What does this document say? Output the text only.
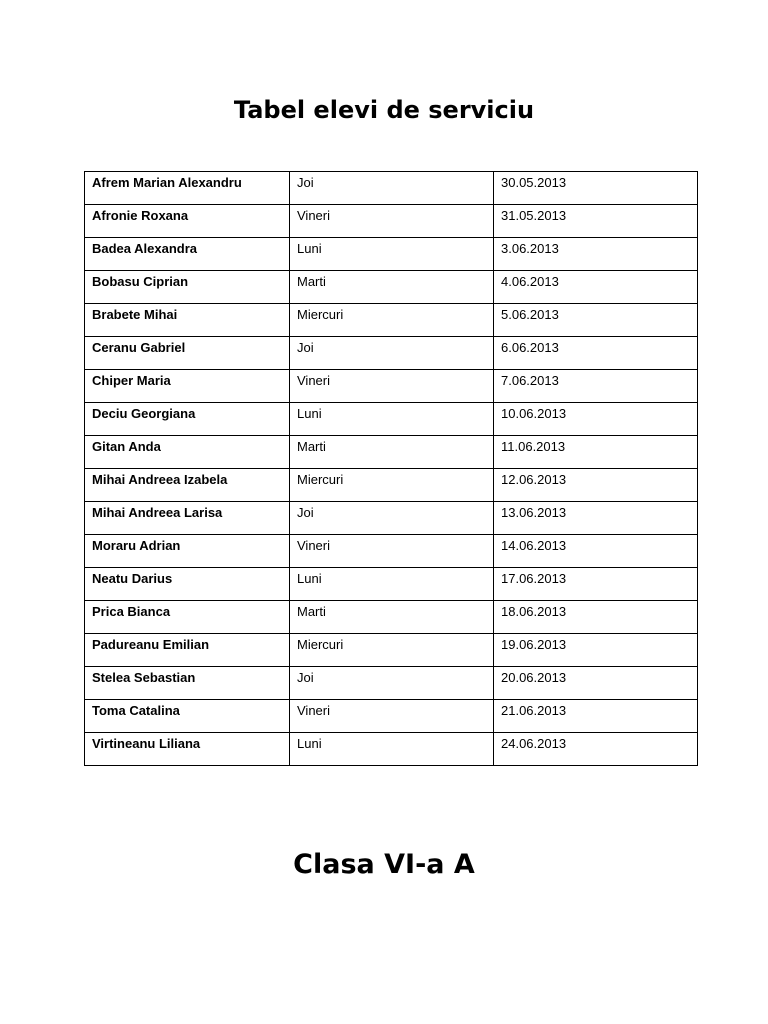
Tabel elevi de serviciu
Afrem Marian Alexandru	Joi	30.05.2013
Afronie Roxana	Vineri	31.05.2013
Badea Alexandra	Luni	3.06.2013
Bobasu Ciprian	Marti	4.06.2013
Brabete Mihai	Miercuri	5.06.2013
Ceranu Gabriel	Joi	6.06.2013
Chiper Maria	Vineri	7.06.2013
Deciu Georgiana	Luni	10.06.2013
Gitan Anda	Marti	11.06.2013
Mihai Andreea Izabela	Miercuri	12.06.2013
Mihai Andreea Larisa	Joi	13.06.2013
Moraru Adrian	Vineri	14.06.2013
Neatu Darius	Luni	17.06.2013
Prica Bianca	Marti	18.06.2013
Padureanu Emilian	Miercuri	19.06.2013
Stelea Sebastian	Joi	20.06.2013
Toma Catalina	Vineri	21.06.2013
Virtineanu Liliana	Luni	24.06.2013
Clasa VI-a A
